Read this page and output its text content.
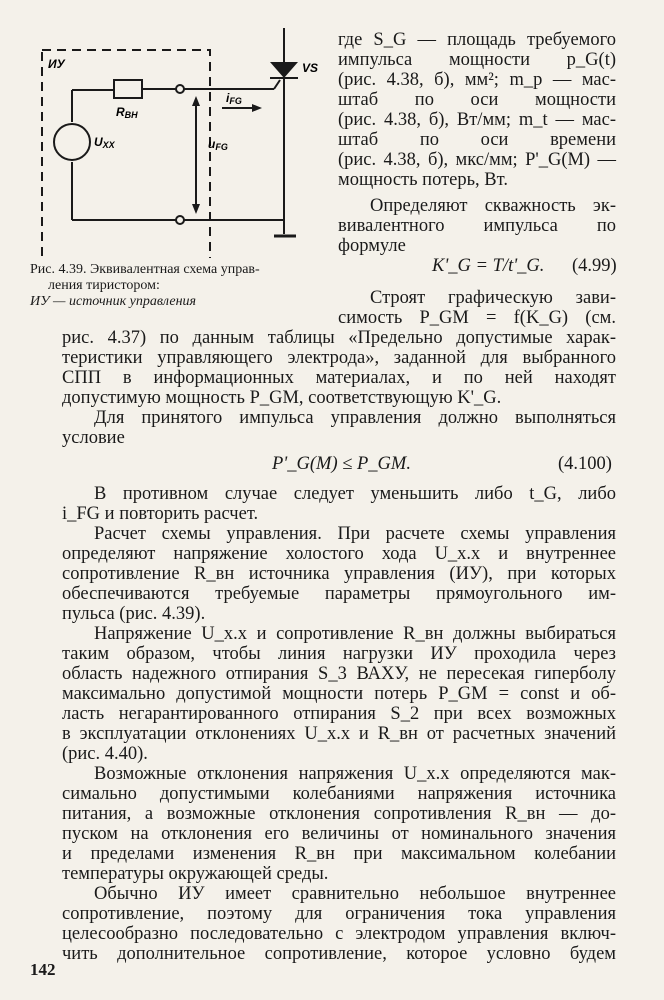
ИУ
RВН
UXX
iFG
uFG
VS
Рис. 4.39. Эквивалентная схема управ-
ления тиристором:
ИУ — источник управления
где S_G — площадь требуемого
импульса мощности p_G(t)
(рис. 4.38, б), мм²; m_p — мас-
штаб по оси мощности
(рис. 4.38, б), Вт/мм; m_t — мас-
штаб по оси времени
(рис. 4.38, б), мкс/мм; P'_G(M) —
мощность потерь, Вт.
Определяют скважность эк-
вивалентного импульса по
формуле
K'_G = T/t'_G. (4.99)
Строят графическую зави-
симость P_GM = f(K_G) (см.
рис. 4.37) по данным таблицы «Предельно допустимые харак-
теристики управляющего электрода», заданной для выбранного
СПП в информационных материалах, и по ней находят
допустимую мощность P_GM, соответствующую K'_G.
Для принятого импульса управления должно выполняться
условие
P'_G(M) ≤ P_GM.	(4.100)
В противном случае следует уменьшить либо t_G, либо
i_FG и повторить расчет.
Расчет схемы управления. При расчете схемы управления
определяют напряжение холостого хода U_х.х и внутреннее
сопротивление R_вн источника управления (ИУ), при которых
обеспечиваются требуемые параметры прямоугольного им-
пульса (рис. 4.39).
Напряжение U_х.х и сопротивление R_вн должны выбираться
таким образом, чтобы линия нагрузки ИУ проходила через
область надежного отпирания S_3 ВАХУ, не пересекая гиперболу
максимально допустимой мощности потерь P_GM = const и об-
ласть негарантированного отпирания S_2 при всех возможных
в эксплуатации отклонениях U_х.х и R_вн от расчетных значений
(рис. 4.40).
Возможные отклонения напряжения U_х.х определяются мак-
симально допустимыми колебаниями напряжения источника
питания, а возможные отклонения сопротивления R_вн — до-
пуском на отклонения его величины от номинального значения
и пределами изменения R_вн при максимальном колебании
температуры окружающей среды.
Обычно ИУ имеет сравнительно небольшое внутреннее
сопротивление, поэтому для ограничения тока управления
целесообразно последовательно с электродом управления включ-
чить дополнительное сопротивление, которое условно будем
142
